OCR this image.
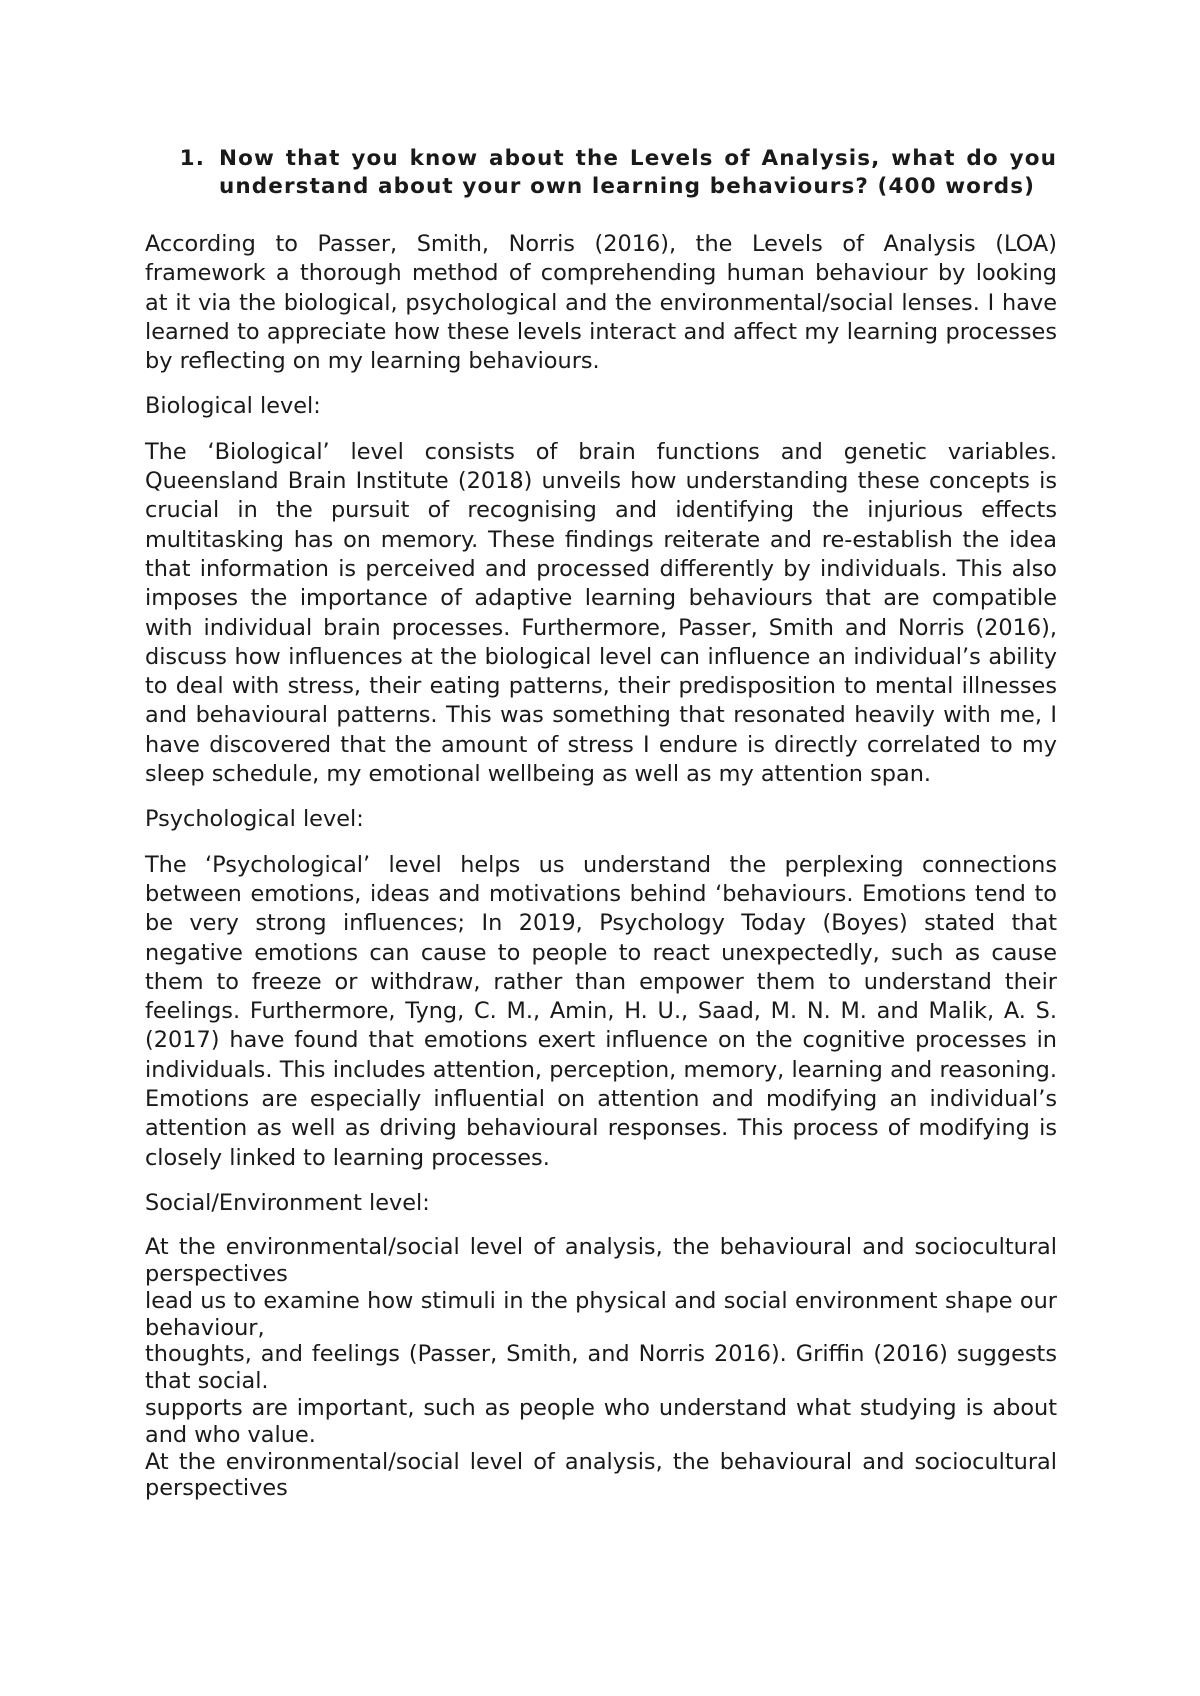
1. Now that you know about the Levels of Analysis, what do you understand about your own learning behaviours? (400 words)

According to Passer, Smith, Norris (2016), the Levels of Analysis (LOA) framework a thorough method of comprehending human behaviour by looking at it via the biological, psychological and the environmental/social lenses. I have learned to appreciate how these levels interact and affect my learning processes by reflecting on my learning behaviours.

Biological level:

The ‘Biological’ level consists of brain functions and genetic variables. Queensland Brain Institute (2018) unveils how understanding these concepts is crucial in the pursuit of recognising and identifying the injurious effects multitasking has on memory. These findings reiterate and re-establish the idea that information is perceived and processed differently by individuals. This also imposes the importance of adaptive learning behaviours that are compatible with individual brain processes. Furthermore, Passer, Smith and Norris (2016), discuss how influences at the biological level can influence an individual’s ability to deal with stress, their eating patterns, their predisposition to mental illnesses and behavioural patterns. This was something that resonated heavily with me, I have discovered that the amount of stress I endure is directly correlated to my sleep schedule, my emotional wellbeing as well as my attention span.

Psychological level:

The ‘Psychological’ level helps us understand the perplexing connections between emotions, ideas and motivations behind ‘behaviours. Emotions tend to be very strong influences; In 2019, Psychology Today (Boyes) stated that negative emotions can cause to people to react unexpectedly, such as cause them to freeze or withdraw, rather than empower them to understand their feelings. Furthermore, Tyng, C. M., Amin, H. U., Saad, M. N. M. and Malik, A. S. (2017) have found that emotions exert influence on the cognitive processes in individuals. This includes attention, perception, memory, learning and reasoning. Emotions are especially influential on attention and modifying an individual’s attention as well as driving behavioural responses. This process of modifying is closely linked to learning processes.

Social/Environment level:

At the environmental/social level of analysis, the behavioural and sociocultural perspectives

lead us to examine how stimuli in the physical and social environment shape our behaviour,

thoughts, and feelings (Passer, Smith, and Norris 2016). Griffin (2016) suggests that social.

supports are important, such as people who understand what studying is about and who value.

At the environmental/social level of analysis, the behavioural and sociocultural perspectives
